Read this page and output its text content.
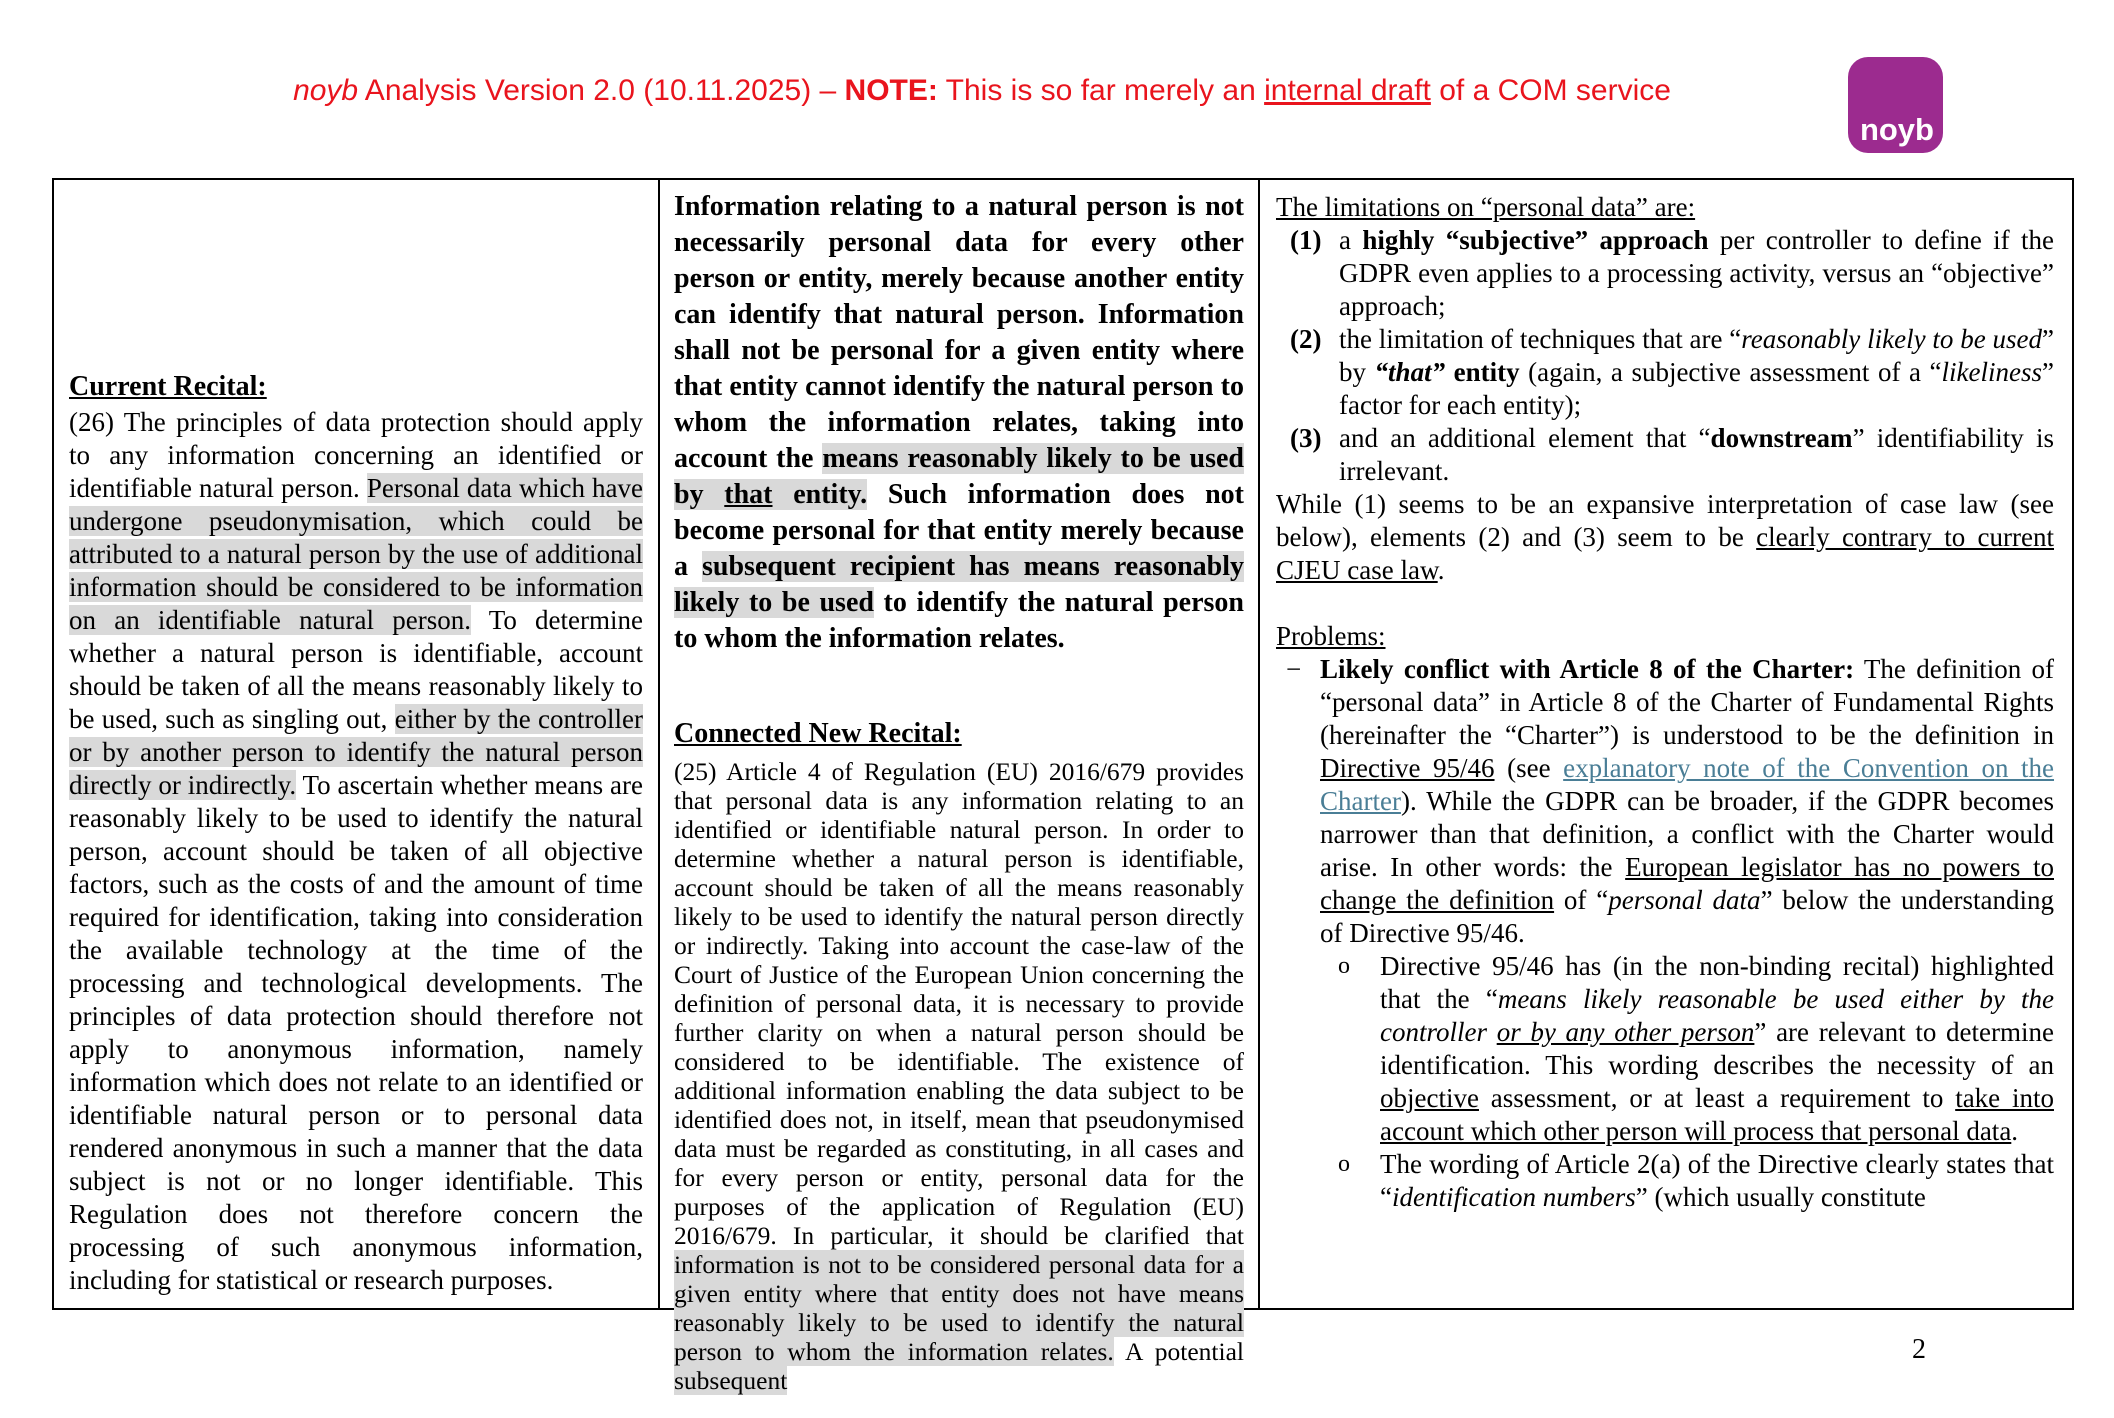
noyb Analysis Version 2.0 (10.11.2025) – NOTE: This is so far merely an internal draft of a COM service
noyb
Current Recital:
(26) The principles of data protection should apply to any information concerning an identified or identifiable natural person. Personal data which have undergone pseudonymisation, which could be attributed to a natural person by the use of additional information should be considered to be information on an identifiable natural person. To determine whether a natural person is identifiable, account should be taken of all the means reasonably likely to be used, such as singling out, either by the controller or by another person to identify the natural person directly or indirectly. To ascertain whether means are reasonably likely to be used to identify the natural person, account should be taken of all objective factors, such as the costs of and the amount of time required for identification, taking into consideration the available technology at the time of the processing and technological developments. The principles of data protection should therefore not apply to anonymous information, namely information which does not relate to an identified or identifiable natural person or to personal data rendered anonymous in such a manner that the data subject is not or no longer identifiable. This Regulation does not therefore concern the processing of such anonymous information, including for statistical or research purposes.
Information relating to a natural person is not necessarily personal data for every other person or entity, merely because another entity can identify that natural person. Information shall not be personal for a given entity where that entity cannot identify the natural person to whom the information relates, taking into account the means reasonably likely to be used by that entity. Such information does not become personal for that entity merely because a subsequent recipient has means reasonably likely to be used to identify the natural person to whom the information relates.
Connected New Recital:
(25) Article 4 of Regulation (EU) 2016/679 provides that personal data is any information relating to an identified or identifiable natural person. In order to determine whether a natural person is identifiable, account should be taken of all the means reasonably likely to be used to identify the natural person directly or indirectly. Taking into account the case-law of the Court of Justice of the European Union concerning the definition of personal data, it is necessary to provide further clarity on when a natural person should be considered to be identifiable. The existence of additional information enabling the data subject to be identified does not, in itself, mean that pseudonymised data must be regarded as constituting, in all cases and for every person or entity, personal data for the purposes of the application of Regulation (EU) 2016/679. In particular, it should be clarified that information is not to be considered personal data for a given entity where that entity does not have means reasonably likely to be used to identify the natural person to whom the information relates. A potential subsequent
The limitations on “personal data” are:
(1) a highly “subjective” approach per controller to define if the GDPR even applies to a processing activity, versus an “objective” approach;
(2) the limitation of techniques that are “reasonably likely to be used” by “that” entity (again, a subjective assessment of a “likeliness” factor for each entity);
(3) and an additional element that “downstream” identifiability is irrelevant.
While (1) seems to be an expansive interpretation of case law (see below), elements (2) and (3) seem to be clearly contrary to current CJEU case law.
Problems:
− Likely conflict with Article 8 of the Charter: The definition of “personal data” in Article 8 of the Charter of Fundamental Rights (hereinafter the “Charter”) is understood to be the definition in Directive 95/46 (see explanatory note of the Convention on the Charter). While the GDPR can be broader, if the GDPR becomes narrower than that definition, a conflict with the Charter would arise. In other words: the European legislator has no powers to change the definition of “personal data” below the understanding of Directive 95/46.
o Directive 95/46 has (in the non-binding recital) highlighted that the “means likely reasonable be used either by the controller or by any other person” are relevant to determine identification. This wording describes the necessity of an objective assessment, or at least a requirement to take into account which other person will process that personal data.
o The wording of Article 2(a) of the Directive clearly states that “identification numbers” (which usually constitute
2
